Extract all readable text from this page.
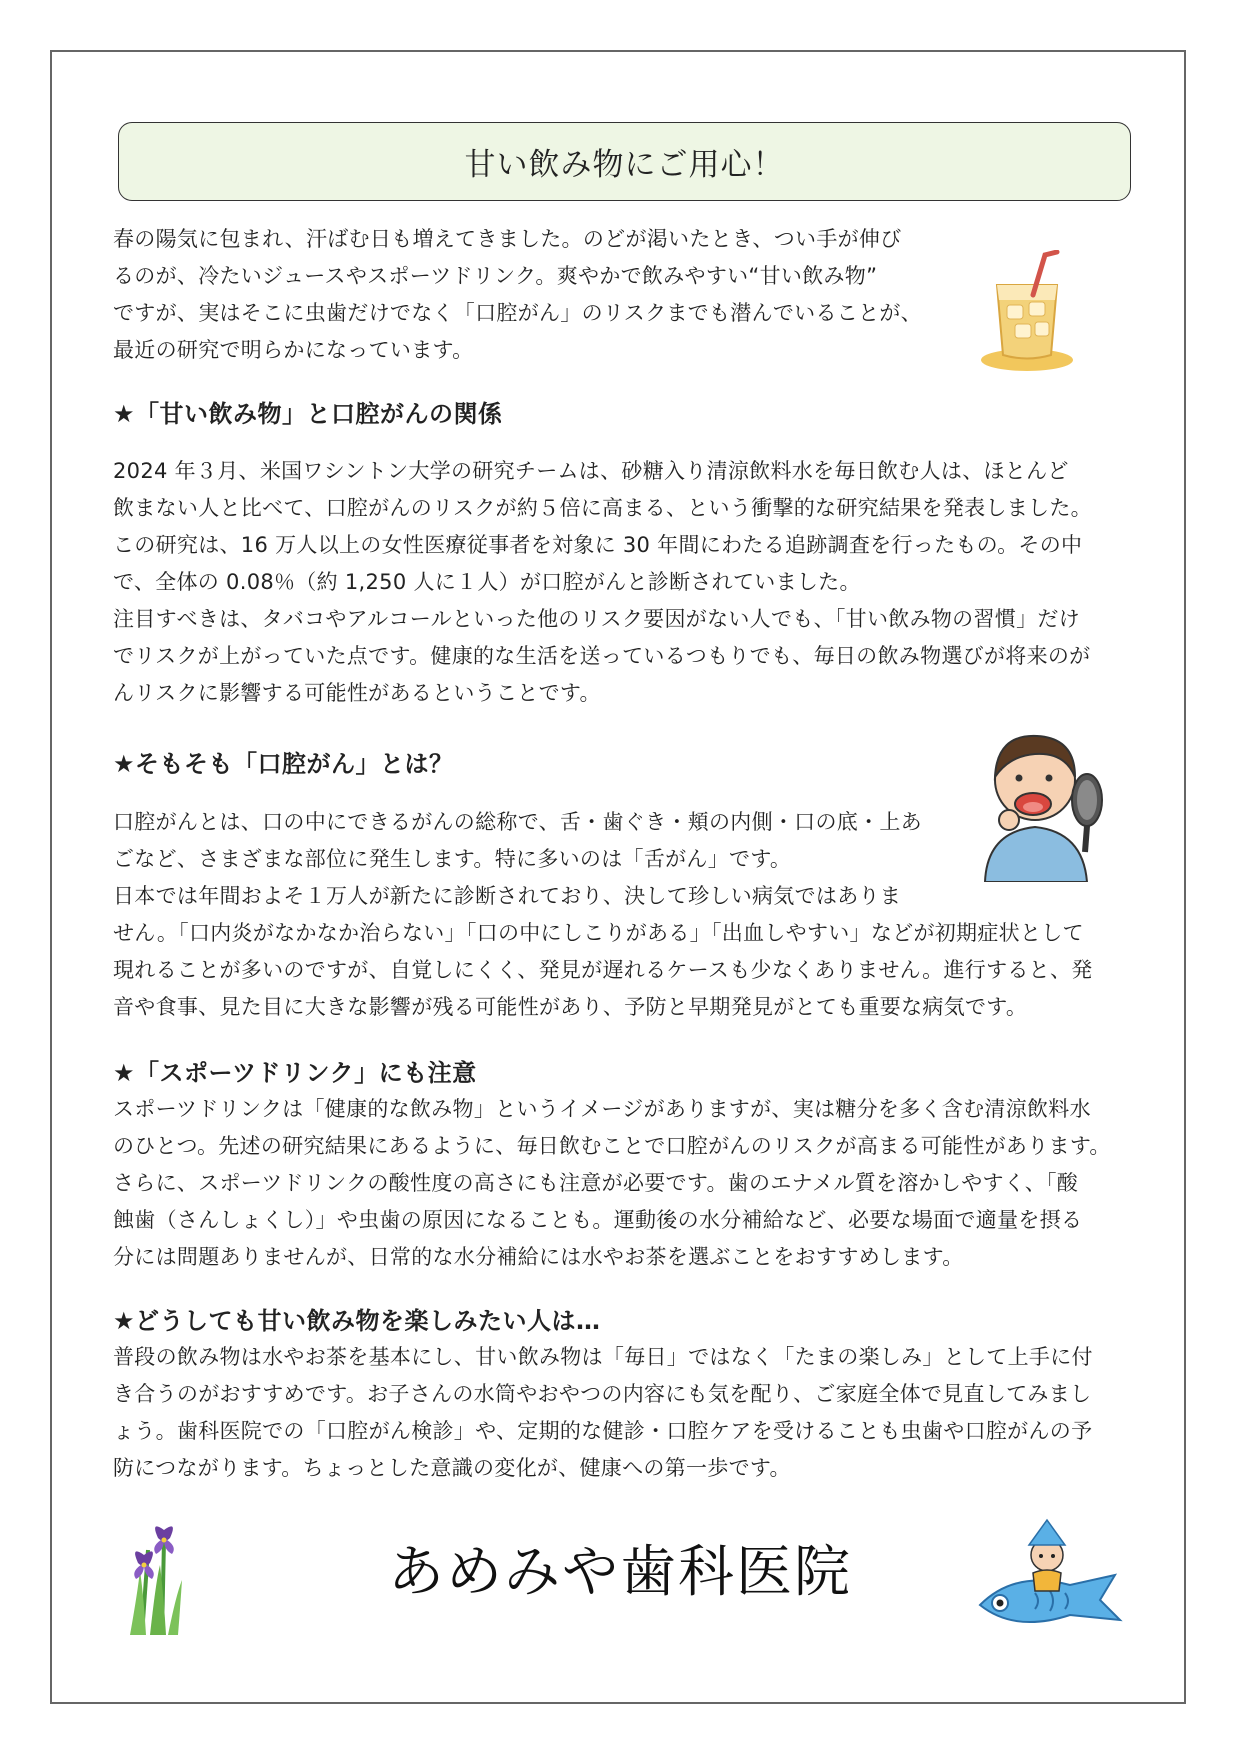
甘い飲み物にご用心！

春の陽気に包まれ、汗ばむ日も増えてきました。のどが渇いたとき、つい手が伸び

るのが、冷たいジュースやスポーツドリンク。爽やかで飲みやすい“甘い飲み物”

ですが、実はそこに虫歯だけでなく「口腔がん」のリスクまでも潜んでいることが、

最近の研究で明らかになっています。

★「甘い飲み物」と口腔がんの関係

2024 年３月、米国ワシントン大学の研究チームは、砂糖入り清涼飲料水を毎日飲む人は、ほとんど

飲まない人と比べて、口腔がんのリスクが約５倍に高まる、という衝撃的な研究結果を発表しました。

この研究は、16 万人以上の女性医療従事者を対象に 30 年間にわたる追跡調査を行ったもの。その中

で、全体の 0.08％（約 1,250 人に１人）が口腔がんと診断されていました。

注目すべきは、タバコやアルコールといった他のリスク要因がない人でも、「甘い飲み物の習慣」だけ

でリスクが上がっていた点です。健康的な生活を送っているつもりでも、毎日の飲み物選びが将来のが

んリスクに影響する可能性があるということです。

★そもそも「口腔がん」とは？

口腔がんとは、口の中にできるがんの総称で、舌・歯ぐき・頬の内側・口の底・上あ

ごなど、さまざまな部位に発生します。特に多いのは「舌がん」です。

日本では年間およそ１万人が新たに診断されており、決して珍しい病気ではありま

せん。「口内炎がなかなか治らない」「口の中にしこりがある」「出血しやすい」などが初期症状として

現れることが多いのですが、自覚しにくく、発見が遅れるケースも少なくありません。進行すると、発

音や食事、見た目に大きな影響が残る可能性があり、予防と早期発見がとても重要な病気です。

★「スポーツドリンク」にも注意

スポーツドリンクは「健康的な飲み物」というイメージがありますが、実は糖分を多く含む清涼飲料水

のひとつ。先述の研究結果にあるように、毎日飲むことで口腔がんのリスクが高まる可能性があります。

さらに、スポーツドリンクの酸性度の高さにも注意が必要です。歯のエナメル質を溶かしやすく、「酸

蝕歯（さんしょくし）」や虫歯の原因になることも。運動後の水分補給など、必要な場面で適量を摂る

分には問題ありませんが、日常的な水分補給には水やお茶を選ぶことをおすすめします。

★どうしても甘い飲み物を楽しみたい人は…

普段の飲み物は水やお茶を基本にし、甘い飲み物は「毎日」ではなく「たまの楽しみ」として上手に付

き合うのがおすすめです。お子さんの水筒やおやつの内容にも気を配り、ご家庭全体で見直してみまし

ょう。歯科医院での「口腔がん検診」や、定期的な健診・口腔ケアを受けることも虫歯や口腔がんの予

防につながります。ちょっとした意識の変化が、健康への第一歩です。

あめみや歯科医院
